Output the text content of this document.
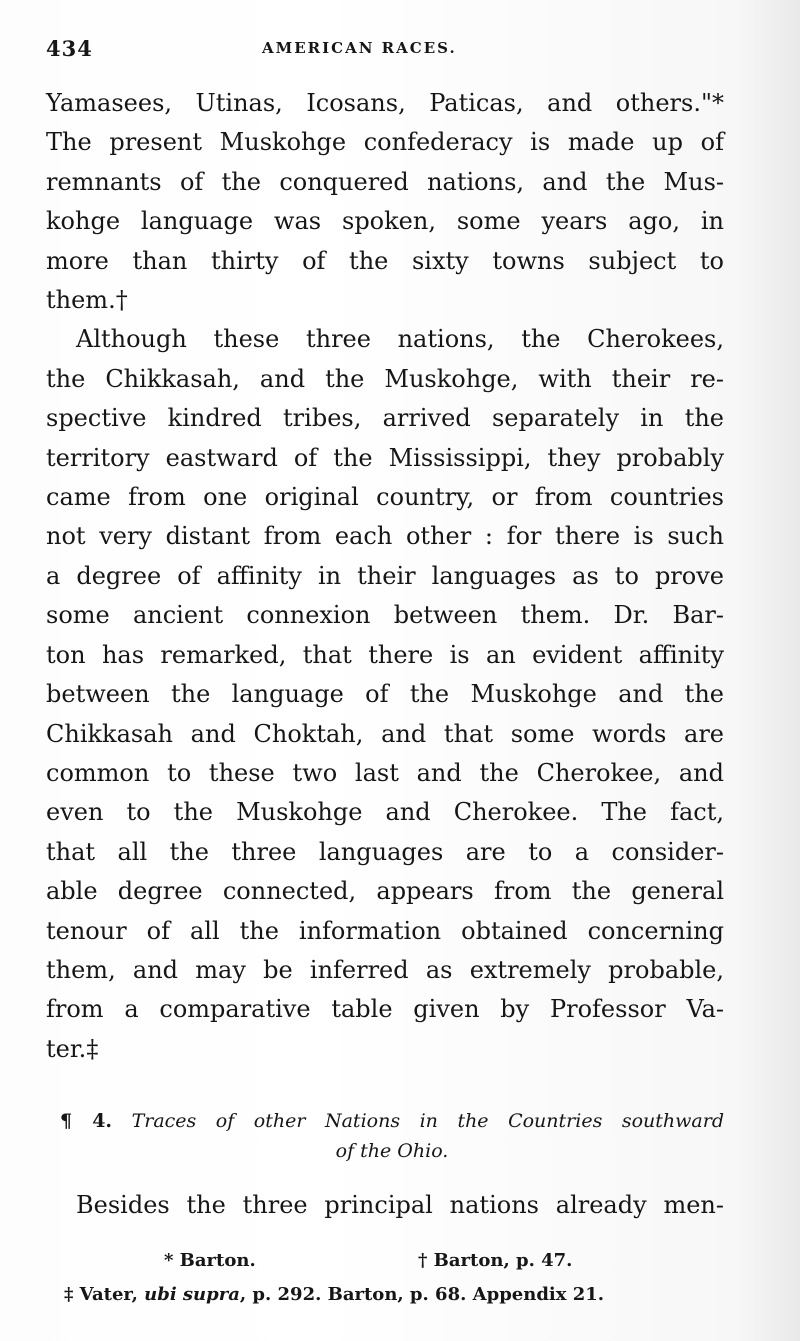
434	AMERICAN RACES.
Yamasees, Utinas, Icosans, Paticas, and others."*
The present Muskohge confederacy is made up of
remnants of the conquered nations, and the Mus-
kohge language was spoken, some years ago, in
more than thirty of the sixty towns subject to
them.†
Although these three nations, the Cherokees,
the Chikkasah, and the Muskohge, with their re-
spective kindred tribes, arrived separately in the
territory eastward of the Mississippi, they probably
came from one original country, or from countries
not very distant from each other : for there is such
a degree of affinity in their languages as to prove
some ancient connexion between them. Dr. Bar-
ton has remarked, that there is an evident affinity
between the language of the Muskohge and the
Chikkasah and Choktah, and that some words are
common to these two last and the Cherokee, and
even to the Muskohge and Cherokee. The fact,
that all the three languages are to a consider-
able degree connected, appears from the general
tenour of all the information obtained concerning
them, and may be inferred as extremely probable,
from a comparative table given by Professor Va-
ter.‡
¶ 4. Traces of other Nations in the Countries southward
of the Ohio.
Besides the three principal nations already men-
* Barton.	† Barton, p. 47.
‡ Vater, ubi supra, p. 292. Barton, p. 68. Appendix 21.
